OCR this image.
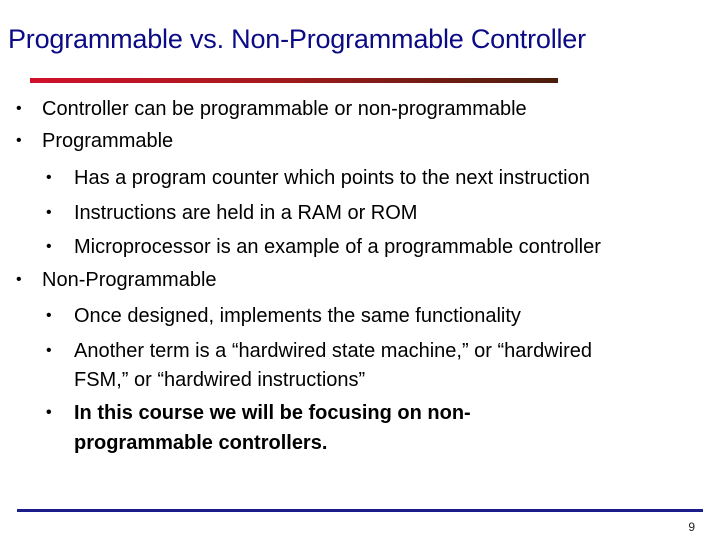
Programmable vs. Non-Programmable Controller
• Controller can be programmable or non-programmable
• Programmable
• Has a program counter which points to the next instruction
• Instructions are held in a RAM or ROM
• Microprocessor is an example of a programmable controller
• Non-Programmable
• Once designed, implements the same functionality
• Another term is a “hardwired state machine,” or “hardwired
FSM,” or “hardwired instructions”
• In this course we will be focusing on non-
programmable controllers.
9
